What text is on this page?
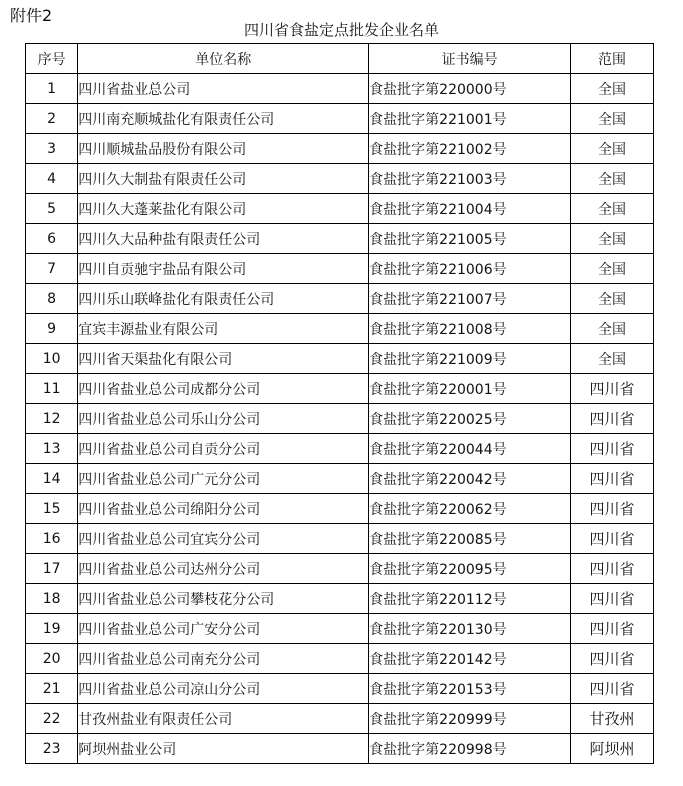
附件2
四川省食盐定点批发企业名单
序号	单位名称	证书编号	范围
1	四川省盐业总公司	食盐批字第220000号	全国
2	四川南充顺城盐化有限责任公司	食盐批字第221001号	全国
3	四川顺城盐品股份有限公司	食盐批字第221002号	全国
4	四川久大制盐有限责任公司	食盐批字第221003号	全国
5	四川久大蓬莱盐化有限公司	食盐批字第221004号	全国
6	四川久大品种盐有限责任公司	食盐批字第221005号	全国
7	四川自贡驰宇盐品有限公司	食盐批字第221006号	全国
8	四川乐山联峰盐化有限责任公司	食盐批字第221007号	全国
9	宜宾丰源盐业有限公司	食盐批字第221008号	全国
10	四川省天渠盐化有限公司	食盐批字第221009号	全国
11	四川省盐业总公司成都分公司	食盐批字第220001号	四川省
12	四川省盐业总公司乐山分公司	食盐批字第220025号	四川省
13	四川省盐业总公司自贡分公司	食盐批字第220044号	四川省
14	四川省盐业总公司广元分公司	食盐批字第220042号	四川省
15	四川省盐业总公司绵阳分公司	食盐批字第220062号	四川省
16	四川省盐业总公司宜宾分公司	食盐批字第220085号	四川省
17	四川省盐业总公司达州分公司	食盐批字第220095号	四川省
18	四川省盐业总公司攀枝花分公司	食盐批字第220112号	四川省
19	四川省盐业总公司广安分公司	食盐批字第220130号	四川省
20	四川省盐业总公司南充分公司	食盐批字第220142号	四川省
21	四川省盐业总公司凉山分公司	食盐批字第220153号	四川省
22	甘孜州盐业有限责任公司	食盐批字第220999号	甘孜州
23	阿坝州盐业公司	食盐批字第220998号	阿坝州
